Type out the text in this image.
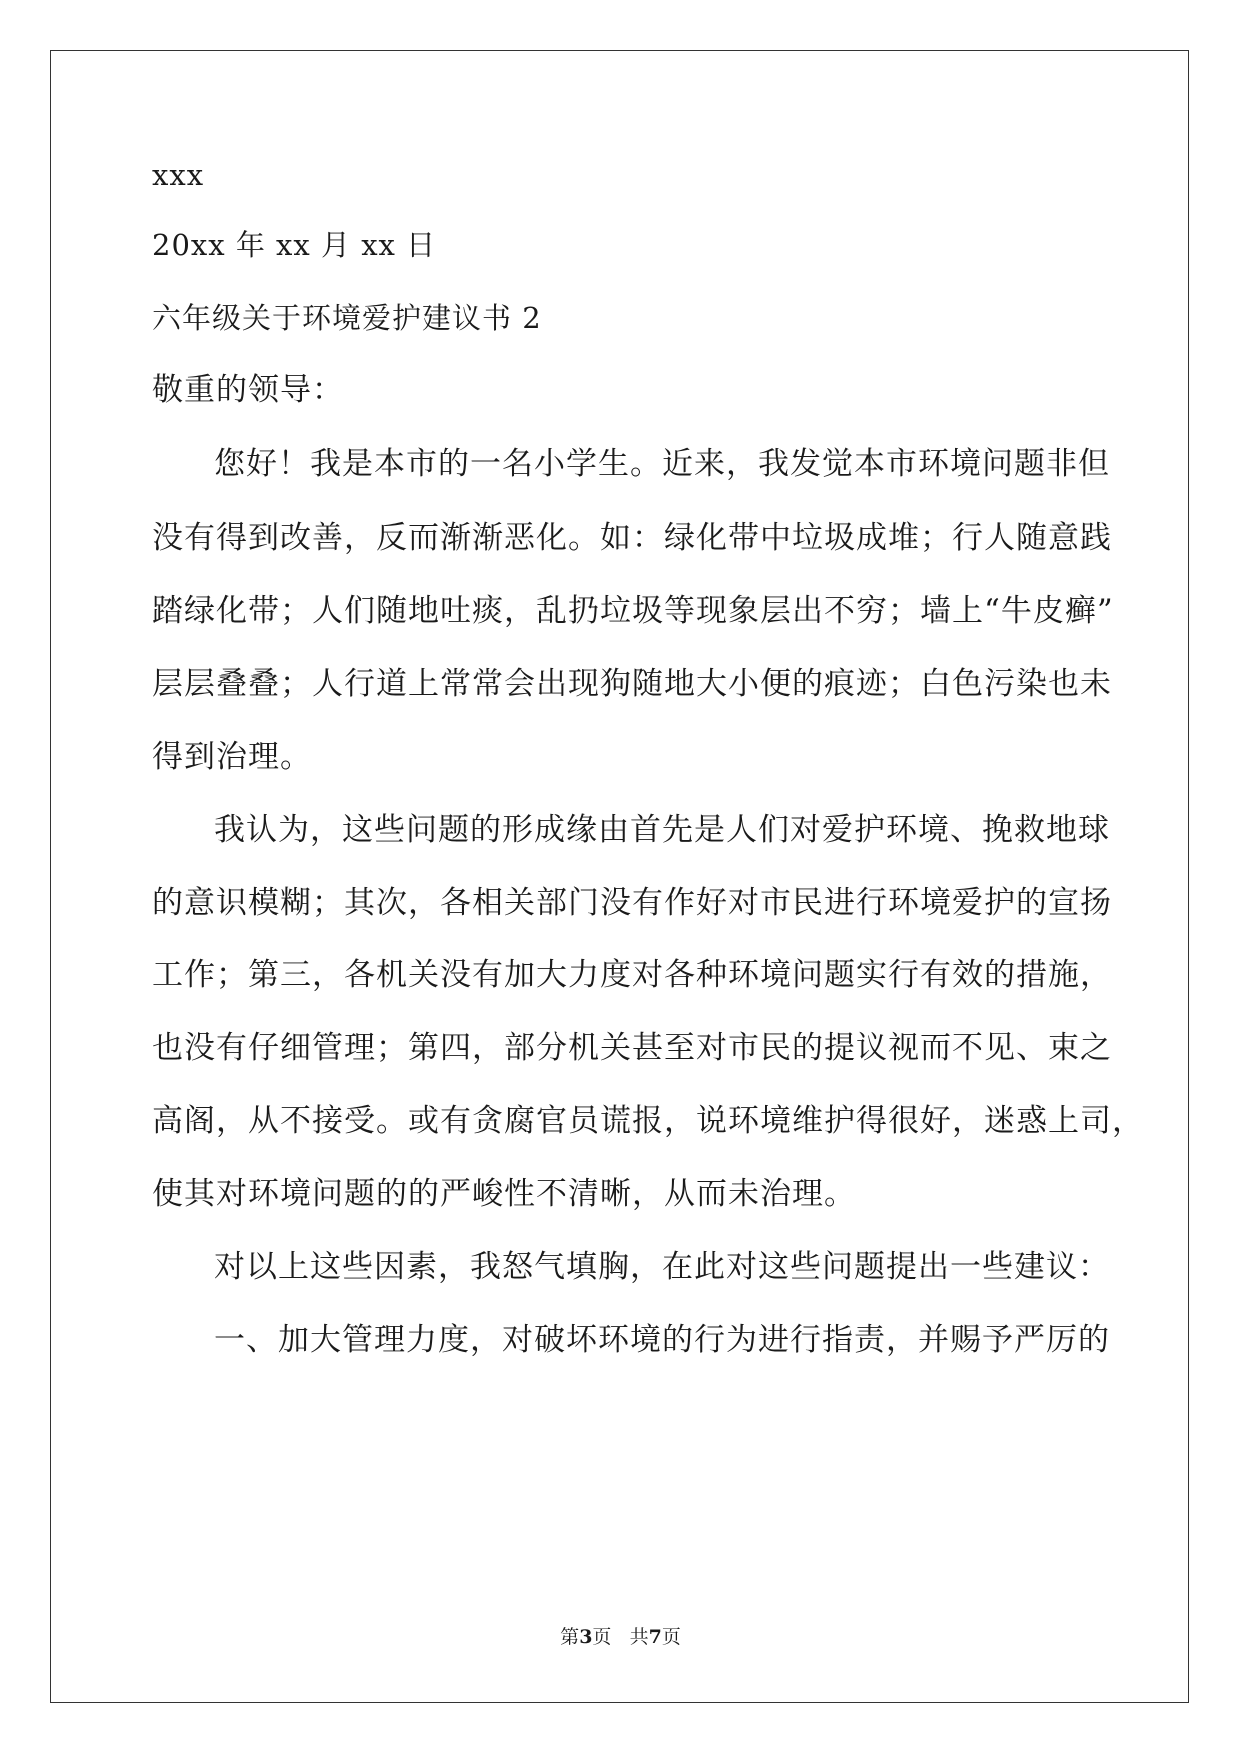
xxx
20xx 年 xx 月 xx 日
六年级关于环境爱护建议书 2
敬重的领导：
您好！我是本市的一名小学生。近来，我发觉本市环境问题非但
没有得到改善，反而渐渐恶化。如：绿化带中垃圾成堆；行人随意践
踏绿化带；人们随地吐痰，乱扔垃圾等现象层出不穷；墙上“牛皮癣”
层层叠叠；人行道上常常会出现狗随地大小便的痕迹；白色污染也未
得到治理。
我认为，这些问题的形成缘由首先是人们对爱护环境、挽救地球
的意识模糊；其次，各相关部门没有作好对市民进行环境爱护的宣扬
工作；第三，各机关没有加大力度对各种环境问题实行有效的措施，
也没有仔细管理；第四，部分机关甚至对市民的提议视而不见、束之
高阁，从不接受。或有贪腐官员谎报，说环境维护得很好，迷惑上司，
使其对环境问题的的严峻性不清晰，从而未治理。
对以上这些因素，我怒气填胸，在此对这些问题提出一些建议：
一、加大管理力度，对破坏环境的行为进行指责，并赐予严厉的
第3页 共7页
